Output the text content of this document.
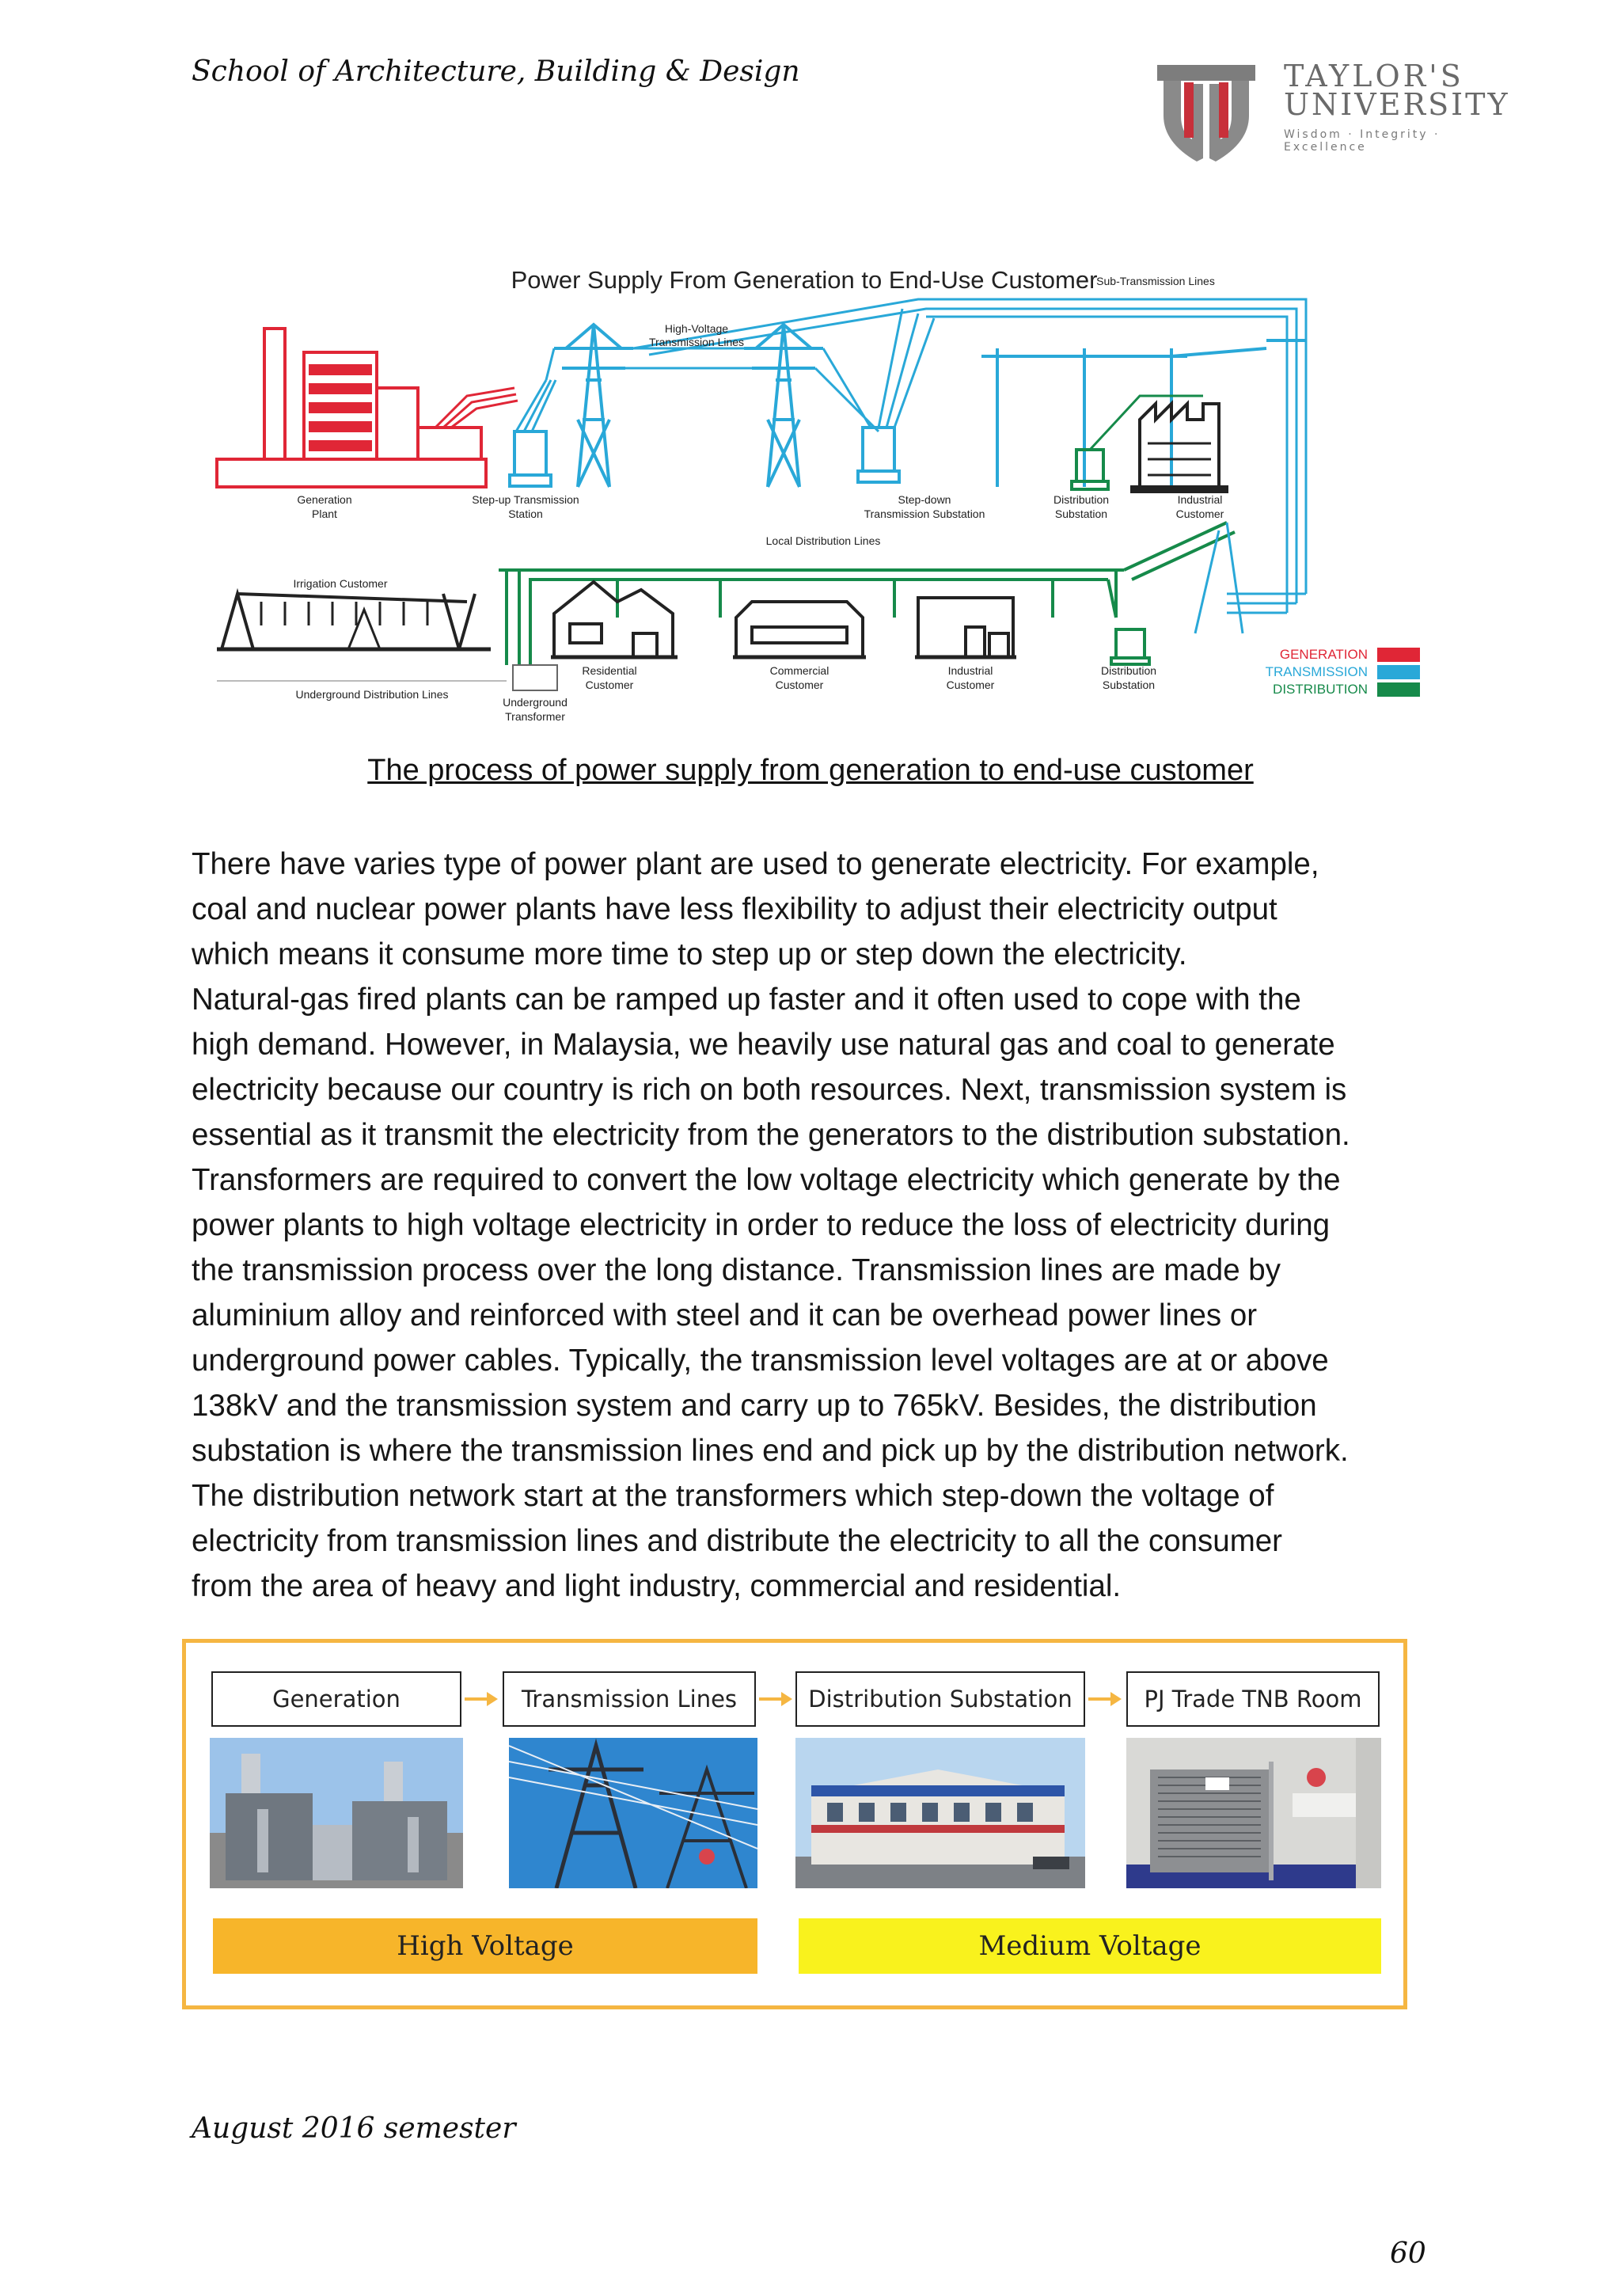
School of Architecture, Building & Design	TAYLOR'S
UNIVERSITY
Wisdom · Integrity · Excellence
Power Supply From Generation to End-Use Customer
High-Voltage
Transmission Lines
Sub-Transmission Lines
Generation
Plant
Step-up Transmission
Station
Step-down
Transmission Substation
Distribution
Substation
Industrial
Customer
Local Distribution Lines
Irrigation Customer
Underground Distribution Lines
Underground
Transformer
Residential
Customer
Commercial
Customer
Industrial
Customer
Distribution
Substation
GENERATION
TRANSMISSION
DISTRIBUTION
The process of power supply from generation to end-use customer
There have varies type of power plant are used to generate electricity. For example,
coal and nuclear power plants have less flexibility to adjust their electricity output
which means it consume more time to step up or step down the electricity.
Natural-gas fired plants can be ramped up faster and it often used to cope with the
high demand. However, in Malaysia, we heavily use natural gas and coal to generate
electricity because our country is rich on both resources. Next, transmission system is
essential as it transmit the electricity from the generators to the distribution substation.
Transformers are required to convert the low voltage electricity which generate by the
power plants to high voltage electricity in order to reduce the loss of electricity during
the transmission process over the long distance. Transmission lines are made by
aluminium alloy and reinforced with steel and it can be overhead power lines or
underground power cables. Typically, the transmission level voltages are at or above
138kV and the transmission system and carry up to 765kV. Besides, the distribution
substation is where the transmission lines end and pick up by the distribution network.
The distribution network start at the transformers which step-down the voltage of
electricity from transmission lines and distribute the electricity to all the consumer
from the area of heavy and light industry, commercial and residential.
Generation	Transmission Lines	Distribution Substation	PJ Trade TNB Room
High Voltage	Medium Voltage
August 2016 semester
60
